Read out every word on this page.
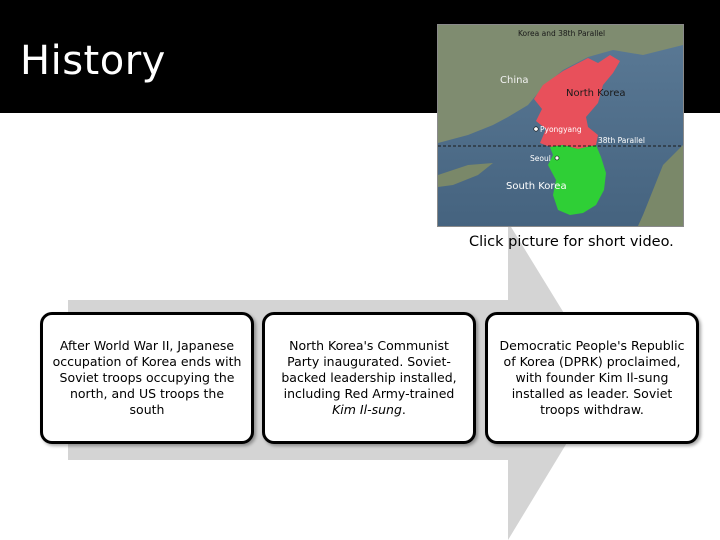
History
Korea and 38th Parallel
China
North Korea
Pyongyang
38th Parallel
Seoul
South Korea
Click picture for short video.
After World War II, Japanese occupation of Korea ends with Soviet troops occupying the north, and US troops the south
North Korea's Communist Party inaugurated. Soviet-backed leadership installed, including Red Army-trained Kim Il-sung.
Democratic People's Republic of Korea (DPRK) proclaimed, with founder Kim Il-sung installed as leader. Soviet troops withdraw.
